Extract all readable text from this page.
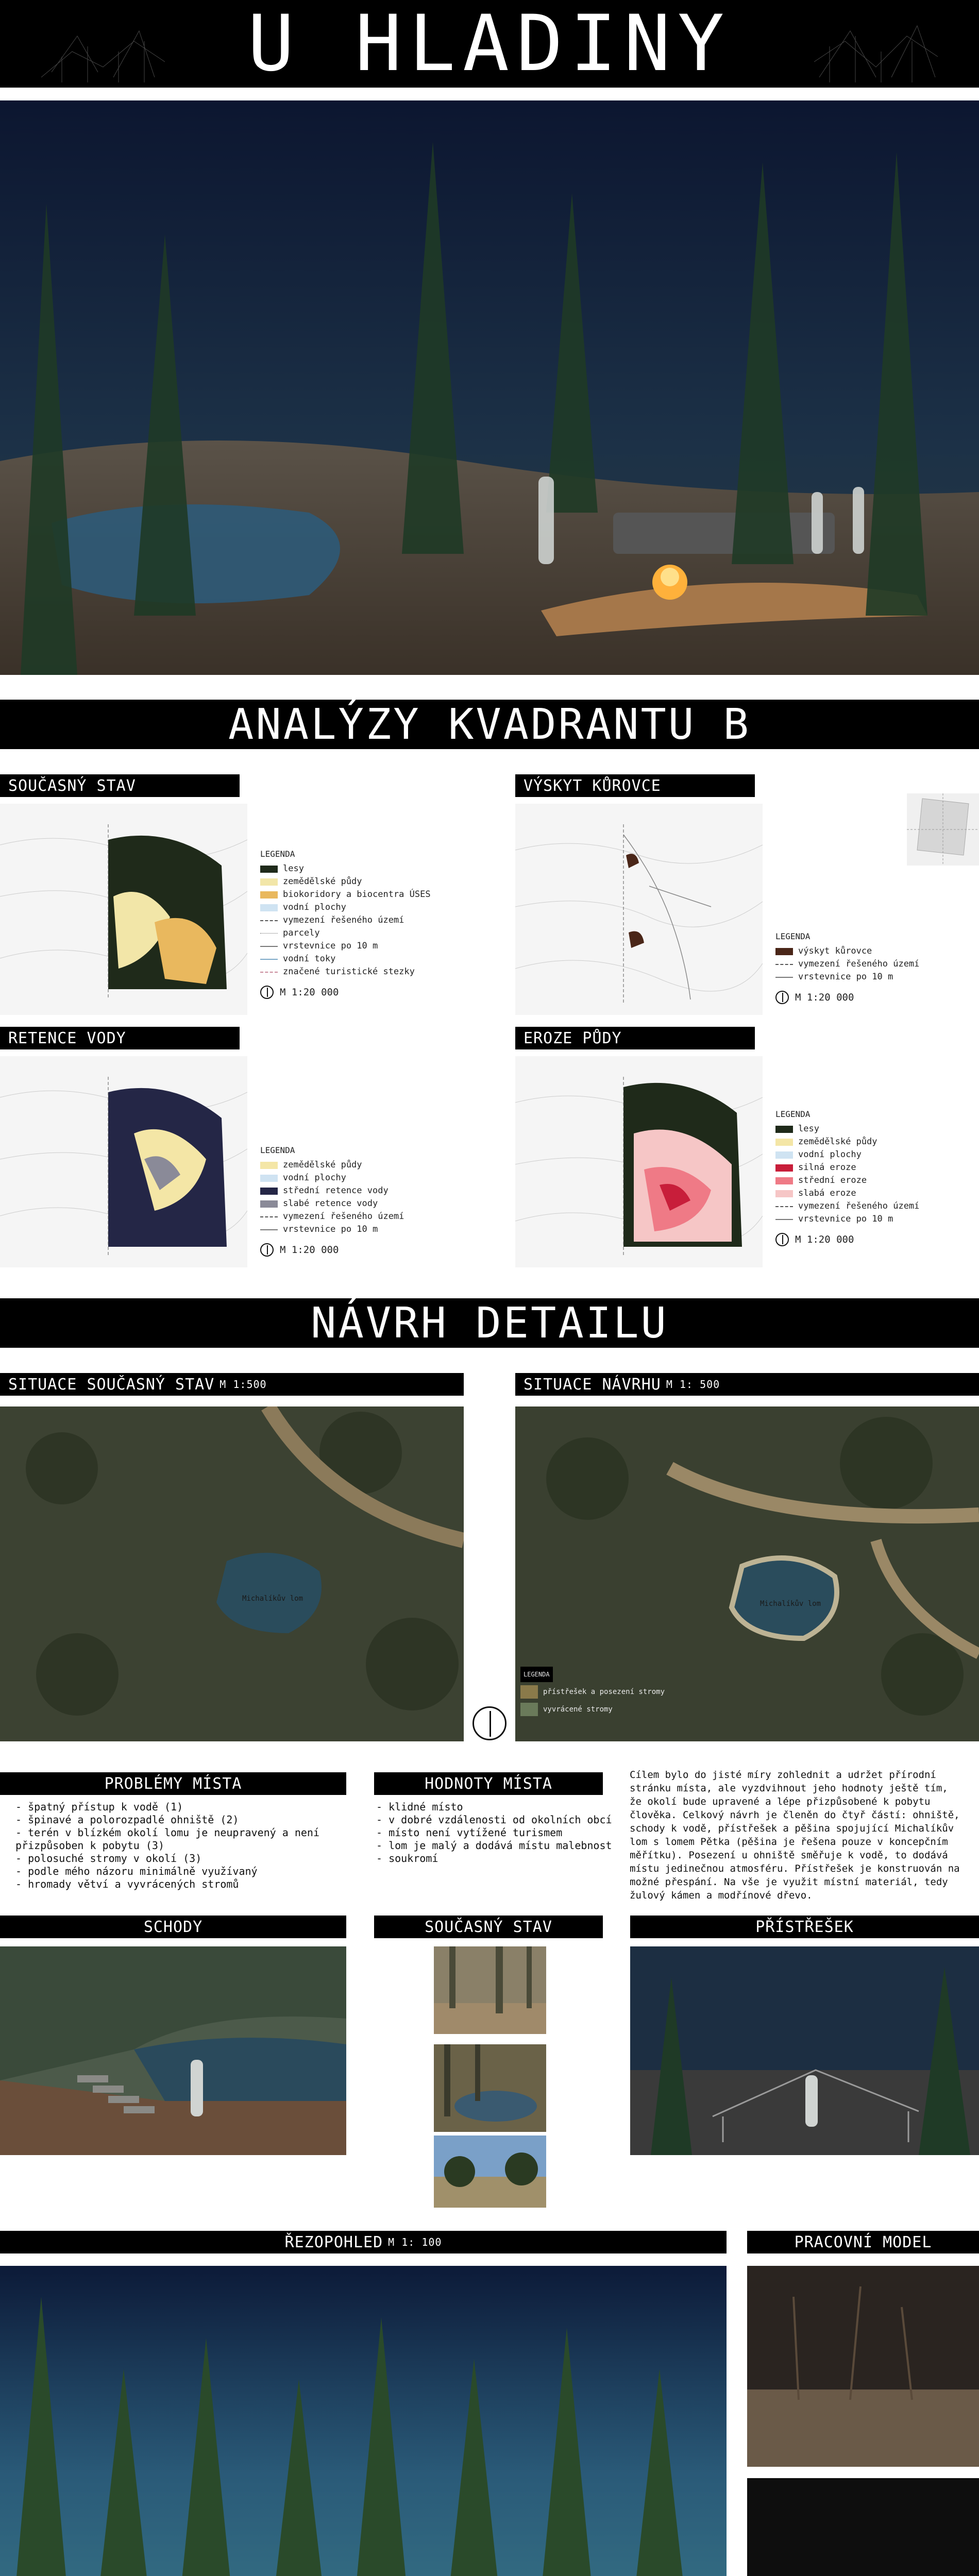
U HLADINY
ANALÝZY KVADRANTU B
SOUČASNÝ STAV
LEGENDA
lesy
zemědělské půdy
biokoridory a biocentra ÚSES
vodní plochy
vymezení řešeného území
parcely
vrstevnice po 10 m
vodní toky
značené turistické stezky
M 1:20 000
VÝSKYT KŮROVCE
LEGENDA
výskyt kůrovce
vymezení řešeného území
vrstevnice po 10 m
M 1:20 000
RETENCE VODY
LEGENDA
zemědělské půdy
vodní plochy
střední retence vody
slabé retence vody
vymezení řešeného území
vrstevnice po 10 m
M 1:20 000
EROZE PŮDY
LEGENDA
lesy
zemědělské půdy
vodní plochy
silná eroze
střední eroze
slabá eroze
vymezení řešeného území
vrstevnice po 10 m
M 1:20 000
NÁVRH DETAILU
SITUACE SOUČASNÝ STAV M 1:500
Michalíkův lom
SITUACE NÁVRHU M 1: 500
Michalíkův lom
LEGENDA
přístřešek a posezení stromy
vyvrácené stromy
PROBLÉMY MÍSTA
- špatný přístup k vodě (1)
- špinavé a polorozpadlé ohniště (2)
- terén v blízkém okolí lomu je neupravený a není přizpůsoben k pobytu (3)
- polosuché stromy v okolí (3)
- podle mého názoru minimálně využívaný
- hromady větví a vyvrácených stromů
HODNOTY MÍSTA
- klidné místo
- v dobré vzdálenosti od okolních obcí
- místo není vytížené turismem
- lom je malý a dodává místu malebnost
- soukromí
Cílem bylo do jisté míry zohlednit a udržet přírodní stránku místa, ale vyzdvihnout jeho hodnoty ještě tím, že okolí bude upravené a lépe přizpůsobené k pobytu člověka. Celkový návrh je členěn do čtyř částí: ohniště, schody k vodě, přístřešek a pěšina spojující Michalíkův lom s lomem Pětka (pěšina je řešena pouze v koncepčním měřítku). Posezení u ohniště směřuje k vodě, to dodává místu jedinečnou atmosféru. Přístřešek je konstruován na možné přespání. Na vše je využit místní materiál, tedy žulový kámen a modřínové dřevo.
SCHODY	SOUČASNÝ STAV	PŘÍSTŘEŠEK
ŘEZOPOHLED M 1: 100	PRACOVNÍ MODEL
